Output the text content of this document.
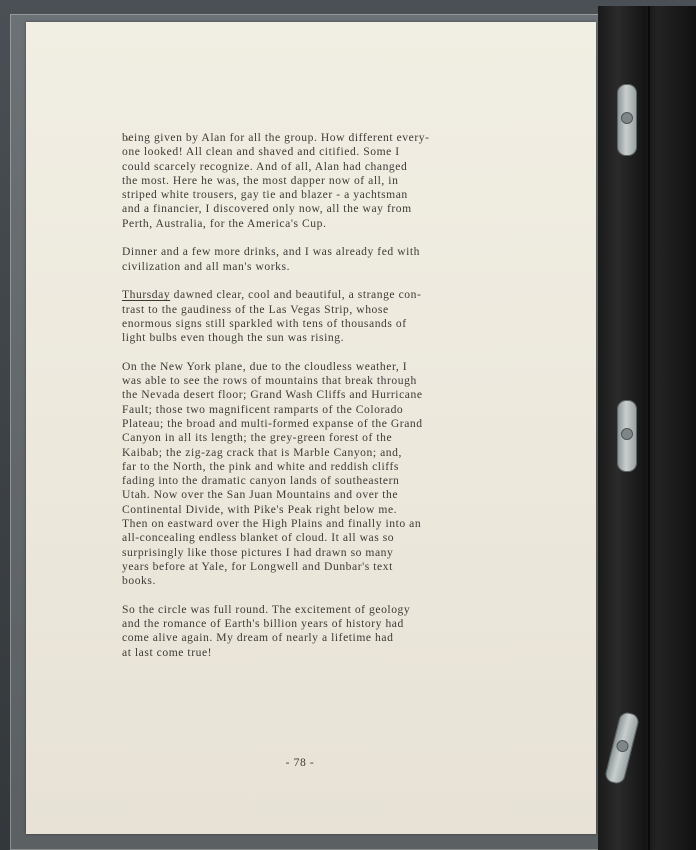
being given by Alan for all the group. How different every-
one looked! All clean and shaved and citified. Some I
could scarcely recognize. And of all, Alan had changed
the most. Here he was, the most dapper now of all, in
striped white trousers, gay tie and blazer - a yachtsman
and a financier, I discovered only now, all the way from
Perth, Australia, for the America's Cup.
Dinner and a few more drinks, and I was already fed with
civilization and all man's works.
Thursday dawned clear, cool and beautiful, a strange con-
trast to the gaudiness of the Las Vegas Strip, whose
enormous signs still sparkled with tens of thousands of
light bulbs even though the sun was rising.
On the New York plane, due to the cloudless weather, I
was able to see the rows of mountains that break through
the Nevada desert floor; Grand Wash Cliffs and Hurricane
Fault; those two magnificent ramparts of the Colorado
Plateau; the broad and multi-formed expanse of the Grand
Canyon in all its length; the grey-green forest of the
Kaibab; the zig-zag crack that is Marble Canyon; and,
far to the North, the pink and white and reddish cliffs
fading into the dramatic canyon lands of southeastern
Utah. Now over the San Juan Mountains and over the
Continental Divide, with Pike's Peak right below me.
Then on eastward over the High Plains and finally into an
all-concealing endless blanket of cloud. It all was so
surprisingly like those pictures I had drawn so many
years before at Yale, for Longwell and Dunbar's text
books.
So the circle was full round. The excitement of geology
and the romance of Earth's billion years of history had
come alive again. My dream of nearly a lifetime had
at last come true!
- 78 -
